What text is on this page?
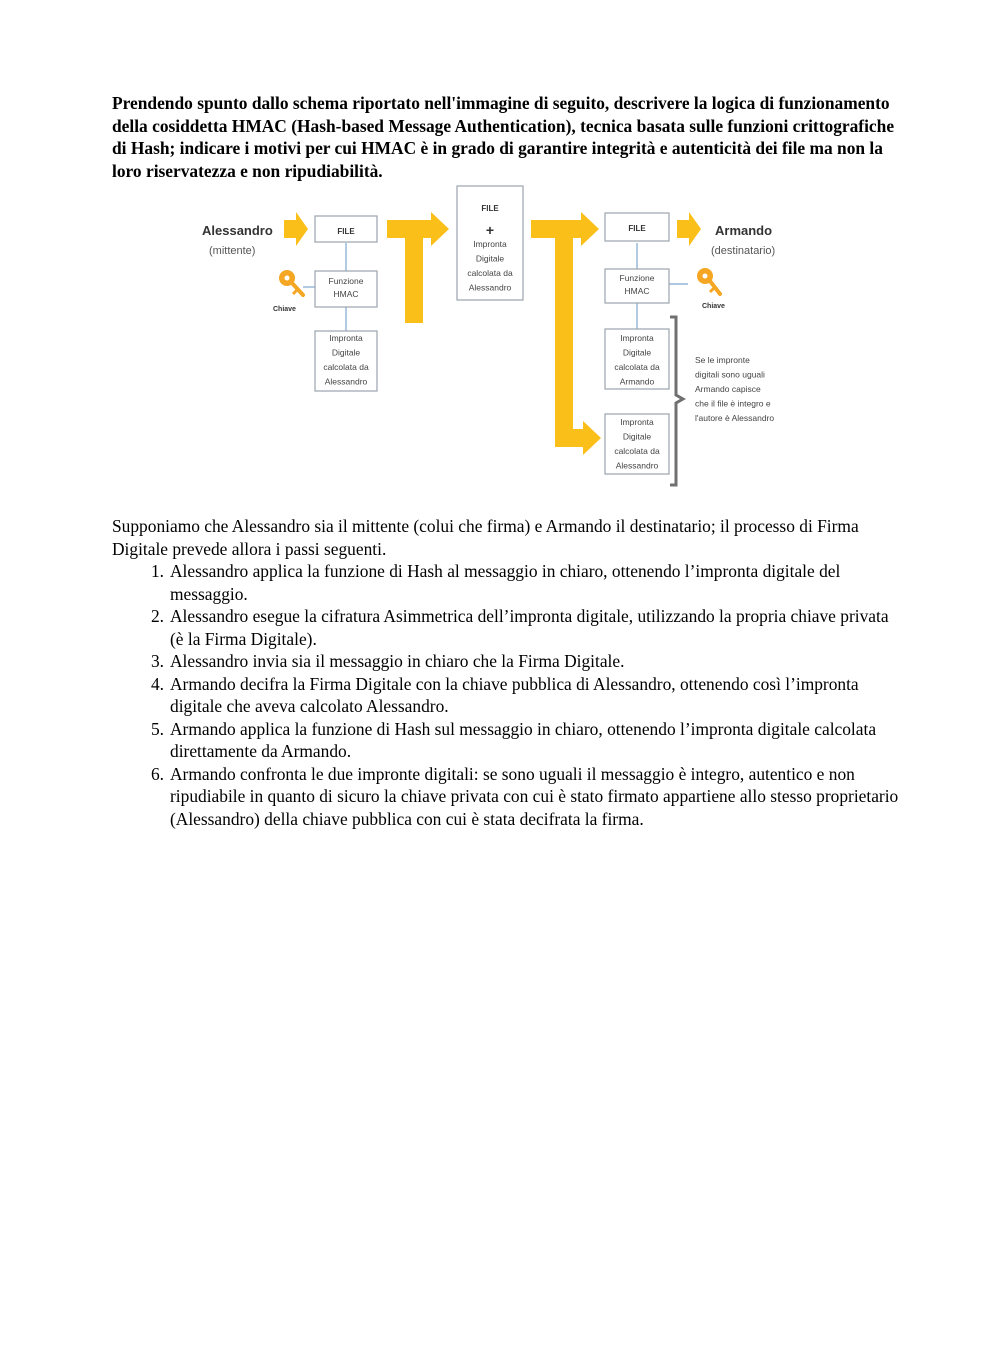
Prendendo spunto dallo schema riportato nell'immagine di seguito, descrivere la logica di funzionamento della cosiddetta HMAC (Hash-based Message Authentication), tecnica basata sulle funzioni crittografiche di Hash; indicare i motivi per cui HMAC è in grado di garantire integrità e autenticità dei file ma non la loro riservatezza e non ripudiabilità.

Alessandro
(mittente)
Armando
(destinatario)
FILE
FILE
+	FILE
Chiave	Chiave
Funzione
HMAC
Impronta
Digitale
calcolata da
Alessandro
Impronta
Digitale
calcolata da
Alessandro
Funzione
HMAC
Impronta
Digitale
calcolata da
Armando
Impronta
Digitale
calcolata da
Alessandro
Se le impronte
digitali sono uguali
Armando capisce
che il file è integro e
l'autore è Alessandro

Supponiamo che Alessandro sia il mittente (colui che firma) e Armando il destinatario; il processo di Firma Digitale prevede allora i passi seguenti.

1. Alessandro applica la funzione di Hash al messaggio in chiaro, ottenendo l’impronta digitale del messaggio.
2. Alessandro esegue la cifratura Asimmetrica dell’impronta digitale, utilizzando la propria chiave privata (è la Firma Digitale).
3. Alessandro invia sia il messaggio in chiaro che la Firma Digitale.
4. Armando decifra la Firma Digitale con la chiave pubblica di Alessandro, ottenendo così l’impronta digitale che aveva calcolato Alessandro.
5. Armando applica la funzione di Hash sul messaggio in chiaro, ottenendo l’impronta digitale calcolata direttamente da Armando.
6. Armando confronta le due impronte digitali: se sono uguali il messaggio è integro, autentico e non ripudiabile in quanto di sicuro la chiave privata con cui è stato firmato appartiene allo stesso proprietario (Alessandro) della chiave pubblica con cui è stata decifrata la firma.
